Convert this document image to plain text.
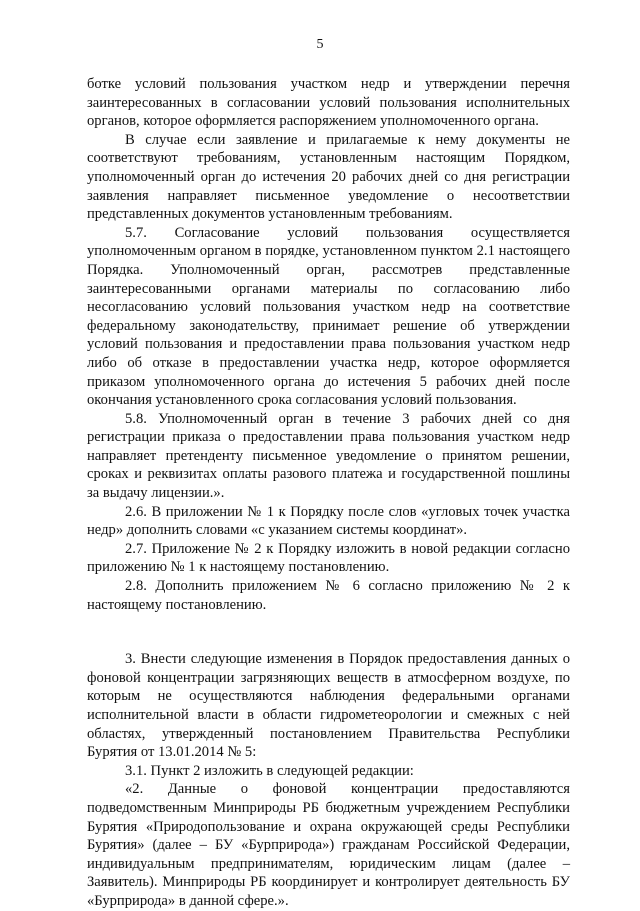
5

ботке условий пользования участком недр и утверждении перечня заинтересованных в согласовании условий пользования исполнительных органов, которое оформляется распоряжением уполномоченного органа.

В случае если заявление и прилагаемые к нему документы не соответствуют требованиям, установленным настоящим Порядком, уполномоченный орган до истечения 20 рабочих дней со дня регистрации заявления направляет письменное уведомление о несоответствии представленных документов установленным требованиям.

5.7. Согласование условий пользования осуществляется уполномоченным органом в порядке, установленном пунктом 2.1 настоящего Порядка. Уполномоченный орган, рассмотрев представленные заинтересованными органами материалы по согласованию либо несогласованию условий пользования участком недр на соответствие федеральному законодательству, принимает решение об утверждении условий пользования и предоставлении права пользования участком недр либо об отказе в предоставлении участка недр, которое оформляется приказом уполномоченного органа до истечения 5 рабочих дней после окончания установленного срока согласования условий пользования.

5.8. Уполномоченный орган в течение 3 рабочих дней со дня регистрации приказа о предоставлении права пользования участком недр направляет претенденту письменное уведомление о принятом решении, сроках и реквизитах оплаты разового платежа и государственной пошлины за выдачу лицензии.».

2.6. В приложении № 1 к Порядку после слов «угловых точек участка недр» дополнить словами «с указанием системы координат».

2.7. Приложение № 2 к Порядку изложить в новой редакции согласно приложению № 1 к настоящему постановлению.

2.8. Дополнить приложением № 6 согласно приложению № 2 к настоящему постановлению.

3. Внести следующие изменения в Порядок предоставления данных о фоновой концентрации загрязняющих веществ в атмосферном воздухе, по которым не осуществляются наблюдения федеральными органами исполнительной власти в области гидрометеорологии и смежных с ней областях, утвержденный постановлением Правительства Республики Бурятия от 13.01.2014 № 5:

3.1. Пункт 2 изложить в следующей редакции:

«2. Данные о фоновой концентрации предоставляются подведомственным Минприроды РБ бюджетным учреждением Республики Бурятия «Природопользование и охрана окружающей среды Республики Бурятия» (далее – БУ «Бурприрода») гражданам Российской Федерации, индивидуальным предпринимателям, юридическим лицам (далее – Заявитель). Минприроды РБ координирует и контролирует деятельность БУ «Бурприрода» в данной сфере.».
